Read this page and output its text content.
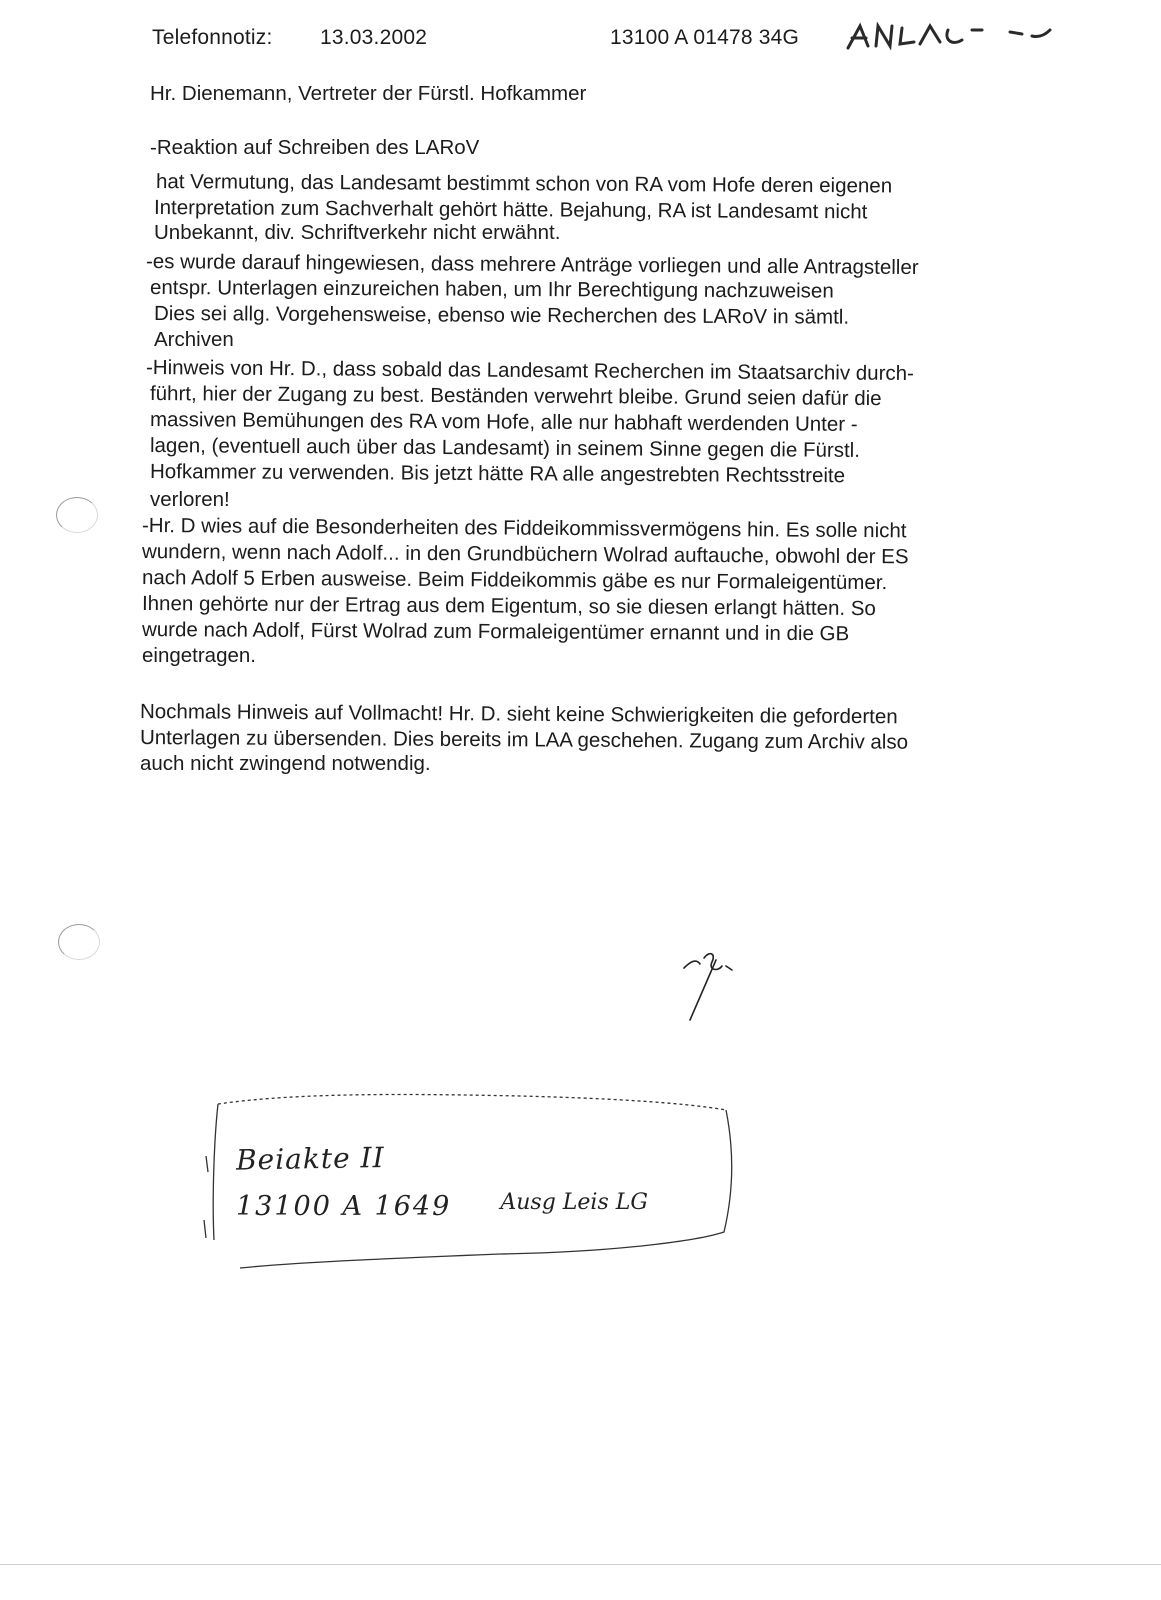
Telefonnotiz: 13.03.2002	13100 A 01478 34G
Hr. Dienemann, Vertreter der Fürstl. Hofkammer
-Reaktion auf Schreiben des LARoV
hat Vermutung, das Landesamt bestimmt schon von RA vom Hofe deren eigenen
Interpretation zum Sachverhalt gehört hätte. Bejahung, RA ist Landesamt nicht
Unbekannt, div. Schriftverkehr nicht erwähnt.
-es wurde darauf hingewiesen, dass mehrere Anträge vorliegen und alle Antragsteller
entspr. Unterlagen einzureichen haben, um Ihr Berechtigung nachzuweisen
Dies sei allg. Vorgehensweise, ebenso wie Recherchen des LARoV in sämtl.
Archiven
-Hinweis von Hr. D., dass sobald das Landesamt Recherchen im Staatsarchiv durch-
führt, hier der Zugang zu best. Beständen verwehrt bleibe. Grund seien dafür die
massiven Bemühungen des RA vom Hofe, alle nur habhaft werdenden Unter -
lagen, (eventuell auch über das Landesamt) in seinem Sinne gegen die Fürstl.
Hofkammer zu verwenden. Bis jetzt hätte RA alle angestrebten Rechtsstreite
verloren!
-Hr. D wies auf die Besonderheiten des Fiddeikommissvermögens hin. Es solle nicht
wundern, wenn nach Adolf... in den Grundbüchern Wolrad auftauche, obwohl der ES
nach Adolf 5 Erben ausweise. Beim Fiddeikommis gäbe es nur Formaleigentümer.
Ihnen gehörte nur der Ertrag aus dem Eigentum, so sie diesen erlangt hätten. So
wurde nach Adolf, Fürst Wolrad zum Formaleigentümer ernannt und in die GB
eingetragen.
Nochmals Hinweis auf Vollmacht! Hr. D. sieht keine Schwierigkeiten die geforderten
Unterlagen zu übersenden. Dies bereits im LAA geschehen. Zugang zum Archiv also
auch nicht zwingend notwendig.
Beiakte II
13100 A 1649 Ausg Leis LG
